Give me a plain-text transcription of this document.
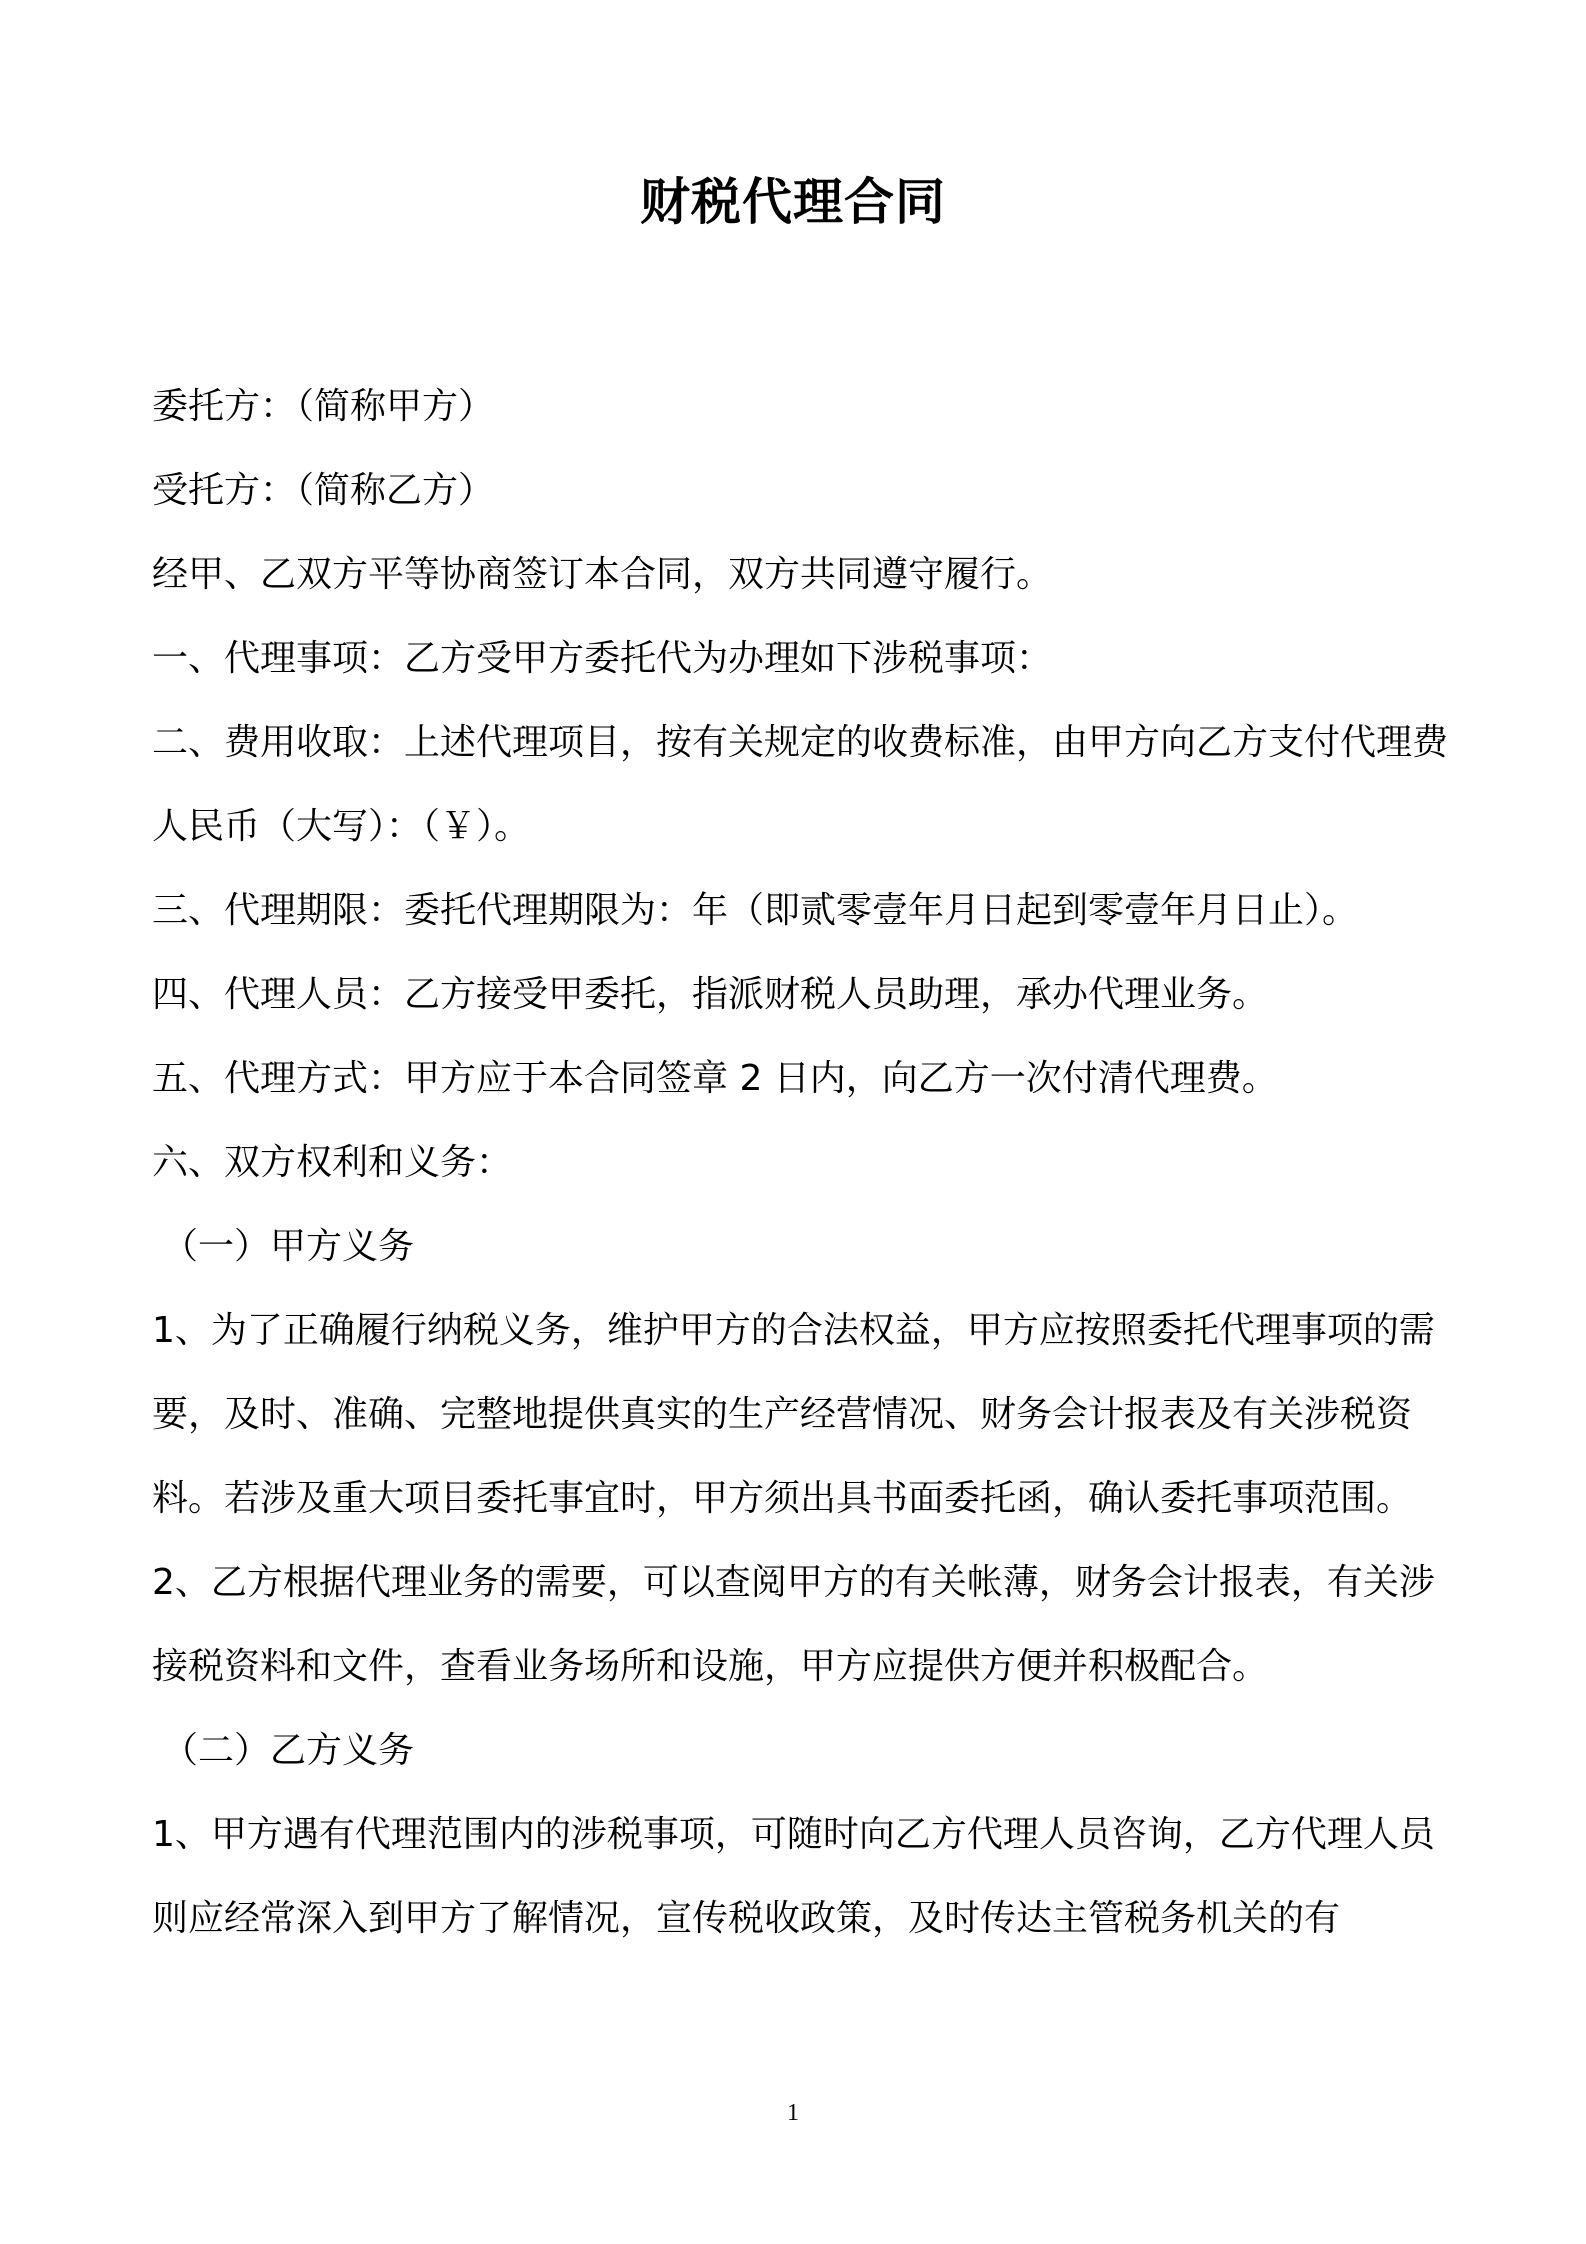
财税代理合同

委托方：（简称甲方）

受托方：（简称乙方）

经甲、乙双方平等协商签订本合同，双方共同遵守履行。

一、代理事项：乙方受甲方委托代为办理如下涉税事项：

二、费用收取：上述代理项目，按有关规定的收费标准，由甲方向乙方支付代理费人民币（大写）：（￥）。

三、代理期限：委托代理期限为：年（即贰零壹年月日起到零壹年月日止）。

四、代理人员：乙方接受甲委托，指派财税人员助理，承办代理业务。

五、代理方式：甲方应于本合同签章 2 日内，向乙方一次付清代理费。

六、双方权利和义务：

（一）甲方义务

1、为了正确履行纳税义务，维护甲方的合法权益，甲方应按照委托代理事项的需要，及时、准确、完整地提供真实的生产经营情况、财务会计报表及有关涉税资料。若涉及重大项目委托事宜时，甲方须出具书面委托函，确认委托事项范围。

2、乙方根据代理业务的需要，可以查阅甲方的有关帐薄，财务会计报表，有关涉接税资料和文件，查看业务场所和设施，甲方应提供方便并积极配合。

（二）乙方义务

1、甲方遇有代理范围内的涉税事项，可随时向乙方代理人员咨询，乙方代理人员则应经常深入到甲方了解情况，宣传税收政策，及时传达主管税务机关的有

1
